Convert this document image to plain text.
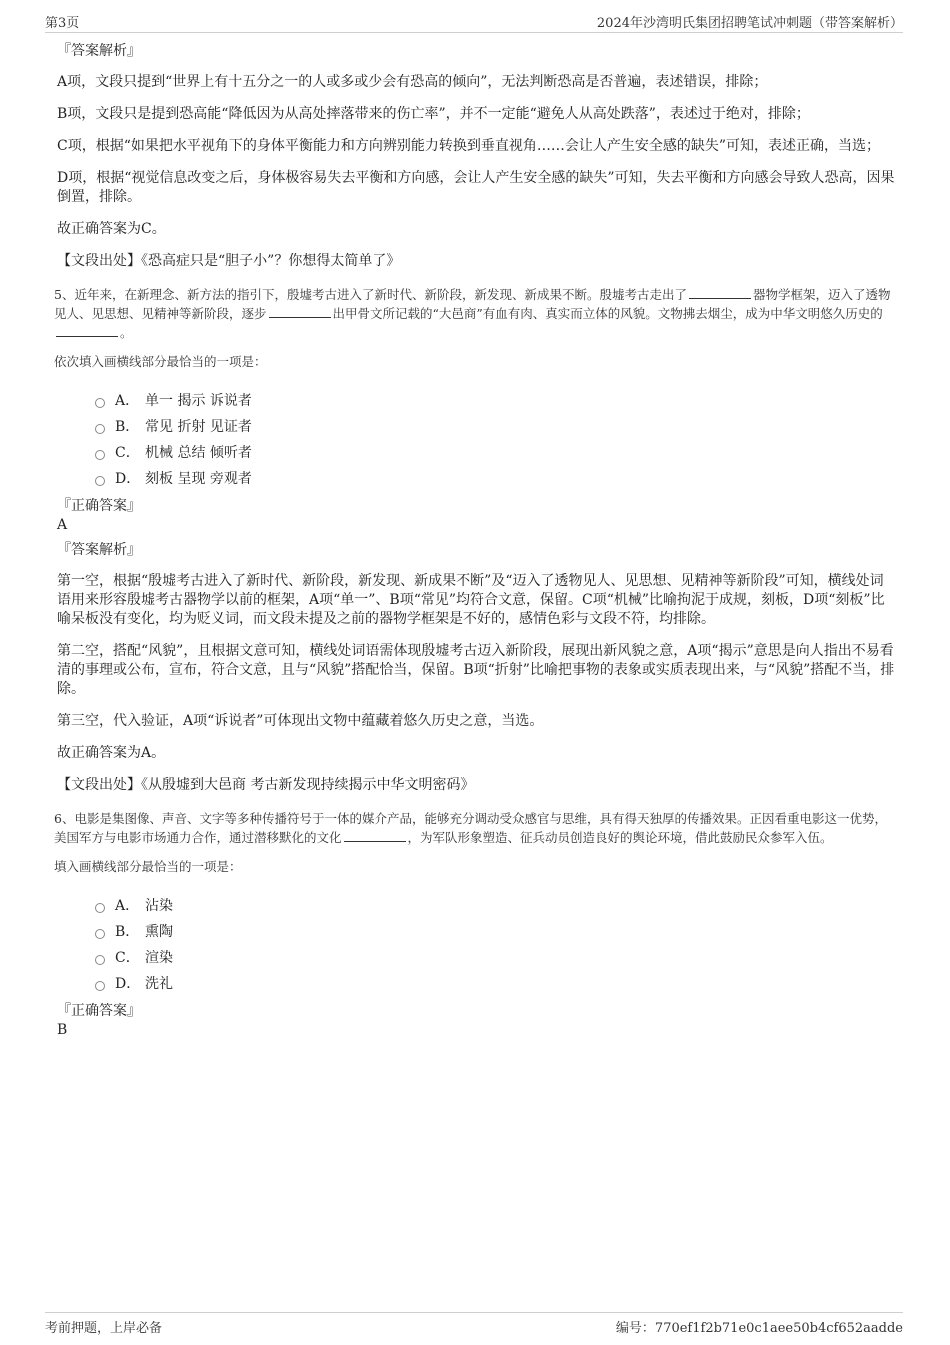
第3页	2024年沙湾明氏集团招聘笔试冲刺题（带答案解析）

『答案解析』

A项，文段只提到“世界上有十五分之一的人或多或少会有恐高的倾向”，无法判断恐高是否普遍，表述错误，排除；

B项，文段只是提到恐高能“降低因为从高处摔落带来的伤亡率”，并不一定能“避免人从高处跌落”，表述过于绝对，排除；

C项，根据“如果把水平视角下的身体平衡能力和方向辨别能力转换到垂直视角……会让人产生安全感的缺失”可知，表述正确，当选；

D项，根据“视觉信息改变之后，身体极容易失去平衡和方向感，会让人产生安全感的缺失”可知，失去平衡和方向感会导致人恐高，因果倒置，排除。

故正确答案为C。

【文段出处】《恐高症只是“胆子小”？你想得太简单了》

5、近年来，在新理念、新方法的指引下，殷墟考古进入了新时代、新阶段，新发现、新成果不断。殷墟考古走出了	器物学框架，迈入了透物见人、见思想、见精神等新阶段，逐步	出甲骨文所记载的“大邑商”有血有肉、真实而立体的风貌。文物拂去烟尘，成为中华文明悠久历史的。

依次填入画横线部分最恰当的一项是：

A． 单一 揭示 诉说者
B． 常见 折射 见证者
C． 机械 总结 倾听者
D． 刻板 呈现 旁观者

『正确答案』

A

『答案解析』

第一空，根据“殷墟考古进入了新时代、新阶段，新发现、新成果不断”及“迈入了透物见人、见思想、见精神等新阶段”可知，横线处词语用来形容殷墟考古器物学以前的框架，A项“单一”、B项“常见”均符合文意，保留。C项“机械”比喻拘泥于成规，刻板，D项“刻板”比喻呆板没有变化，均为贬义词，而文段未提及之前的器物学框架是不好的，感情色彩与文段不符，均排除。

第二空，搭配“风貌”，且根据文意可知，横线处词语需体现殷墟考古迈入新阶段，展现出新风貌之意，A项“揭示”意思是向人指出不易看清的事理或公布，宣布，符合文意，且与“风貌”搭配恰当，保留。B项“折射”比喻把事物的表象或实质表现出来，与“风貌”搭配不当，排除。

第三空，代入验证，A项“诉说者”可体现出文物中蕴藏着悠久历史之意，当选。

故正确答案为A。

【文段出处】《从殷墟到大邑商 考古新发现持续揭示中华文明密码》

6、电影是集图像、声音、文字等多种传播符号于一体的媒介产品，能够充分调动受众感官与思维，具有得天独厚的传播效果。正因看重电影这一优势，美国军方与电影市场通力合作，通过潜移默化的文化	，为军队形象塑造、征兵动员创造良好的舆论环境，借此鼓励民众参军入伍。

填入画横线部分最恰当的一项是：

A． 沾染
B． 熏陶
C． 渲染
D． 洗礼

『正确答案』

B

考前押题，上岸必备	编号：770ef1f2b71e0c1aee50b4cf652aadde
